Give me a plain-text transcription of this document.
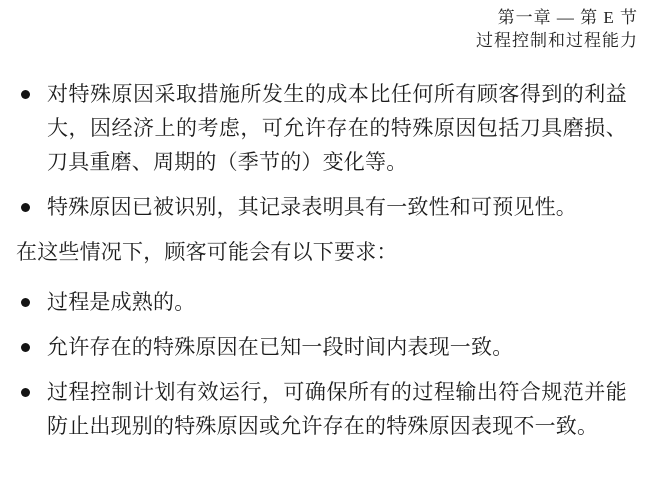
第一章 — 第 E 节
过程控制和过程能力
对特殊原因采取措施所发生的成本比任何所有顾客得到的利益大，因经济上的考虑，可允许存在的特殊原因包括刀具磨损、刀具重磨、周期的（季节的）变化等。
特殊原因已被识别，其记录表明具有一致性和可预见性。
在这些情况下，顾客可能会有以下要求：
过程是成熟的。
允许存在的特殊原因在已知一段时间内表现一致。
过程控制计划有效运行，可确保所有的过程输出符合规范并能防止出现别的特殊原因或允许存在的特殊原因表现不一致。
